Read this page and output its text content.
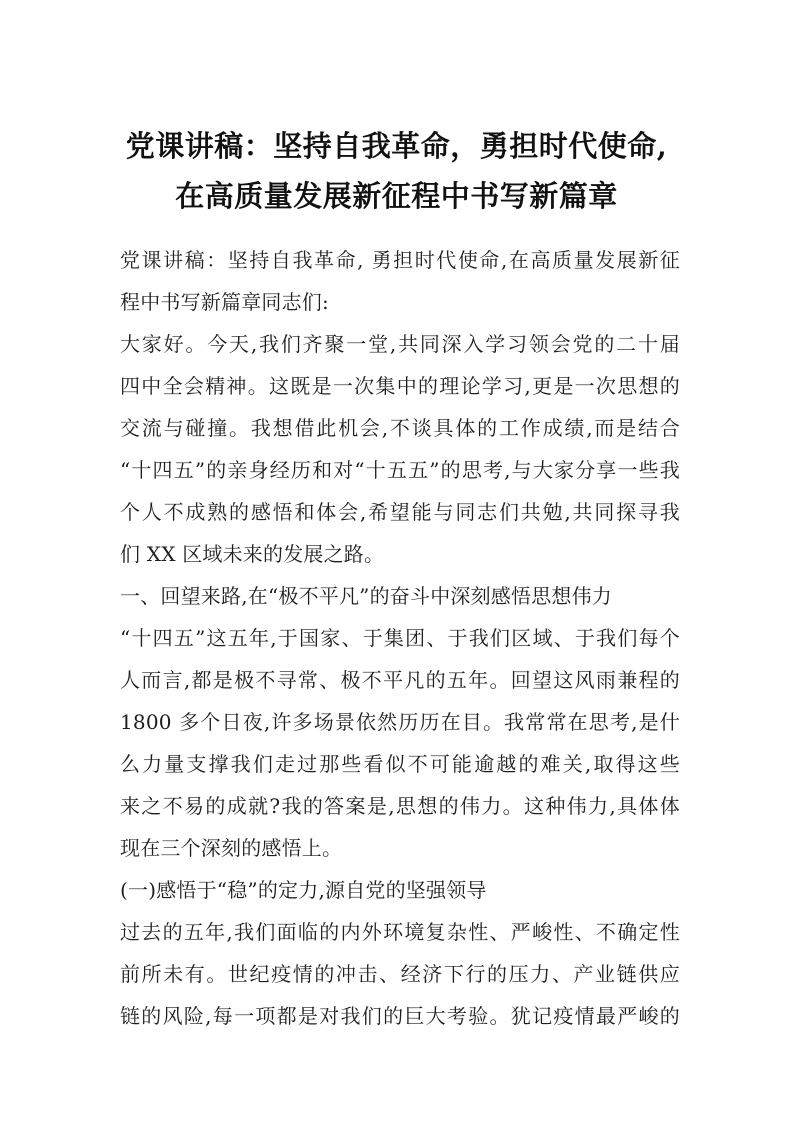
党课讲稿：坚持自我革命，勇担时代使命,
在高质量发展新征程中书写新篇章
党课讲稿：坚持自我革命, 勇担时代使命,在高质量发展新征
程中书写新篇章同志们:
大家好。今天,我们齐聚一堂,共同深入学习领会党的二十届
四中全会精神。这既是一次集中的理论学习,更是一次思想的
交流与碰撞。我想借此机会,不谈具体的工作成绩,而是结合
“十四五”的亲身经历和对“十五五”的思考,与大家分享一些我
个人不成熟的感悟和体会,希望能与同志们共勉,共同探寻我
们 XX 区域未来的发展之路。
一、回望来路,在“极不平凡”的奋斗中深刻感悟思想伟力
“十四五”这五年,于国家、于集团、于我们区域、于我们每个
人而言,都是极不寻常、极不平凡的五年。回望这风雨兼程的
1800 多个日夜,许多场景依然历历在目。我常常在思考,是什
么力量支撑我们走过那些看似不可能逾越的难关,取得这些
来之不易的成就?我的答案是,思想的伟力。这种伟力,具体体
现在三个深刻的感悟上。
(一)感悟于“稳”的定力,源自党的坚强领导
过去的五年,我们面临的内外环境复杂性、严峻性、不确定性
前所未有。世纪疫情的冲击、经济下行的压力、产业链供应
链的风险,每一项都是对我们的巨大考验。犹记疫情最严峻的
